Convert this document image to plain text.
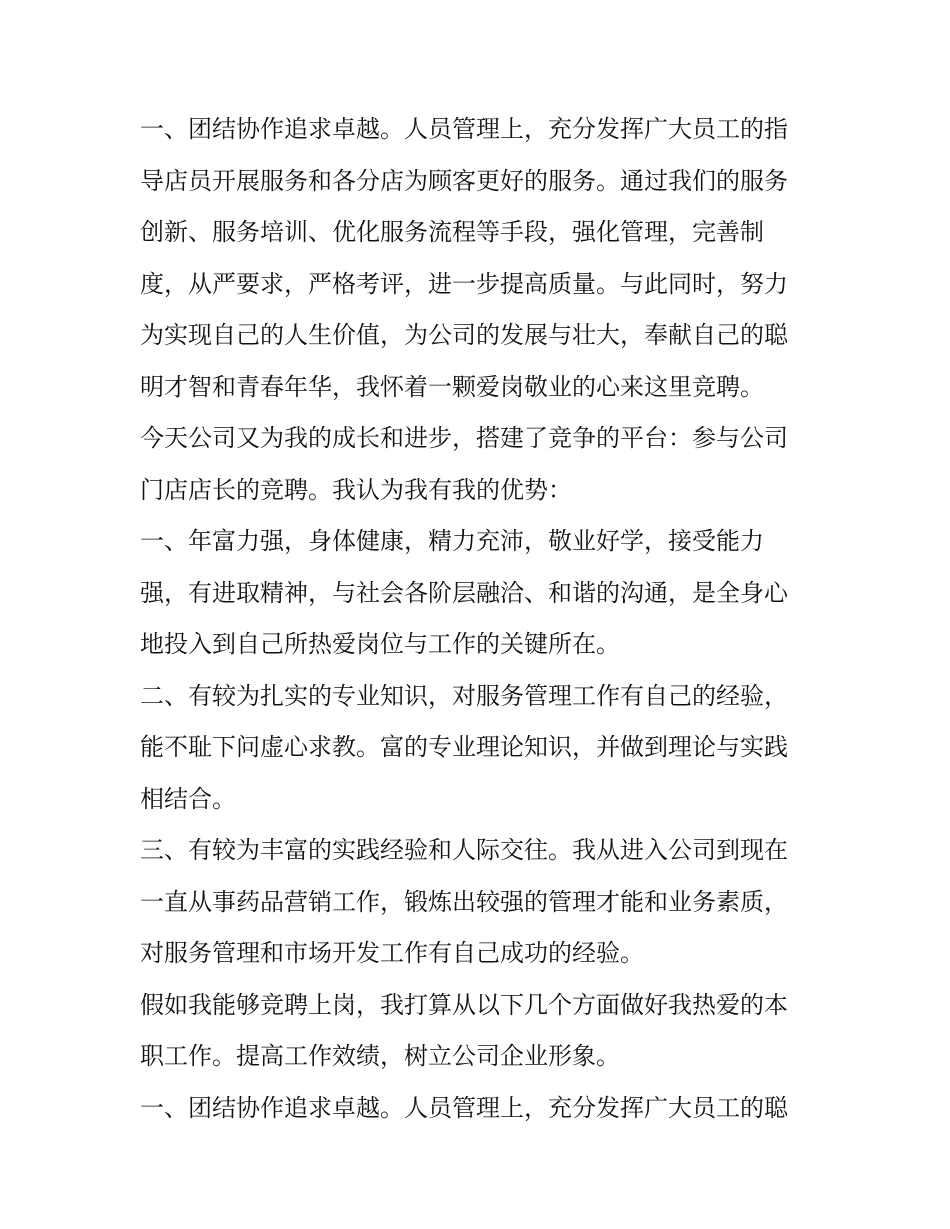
一、团结协作追求卓越。人员管理上，充分发挥广大员工的指
导店员开展服务和各分店为顾客更好的服务。通过我们的服务
创新、服务培训、优化服务流程等手段，强化管理，完善制
度，从严要求，严格考评，进一步提高质量。与此同时，努力
为实现自己的人生价值，为公司的发展与壮大，奉献自己的聪
明才智和青春年华，我怀着一颗爱岗敬业的心来这里竞聘。
今天公司又为我的成长和进步，搭建了竞争的平台：参与公司
门店店长的竞聘。我认为我有我的优势：
一、年富力强，身体健康，精力充沛，敬业好学，接受能力
强，有进取精神，与社会各阶层融洽、和谐的沟通，是全身心
地投入到自己所热爱岗位与工作的关键所在。
二、有较为扎实的专业知识，对服务管理工作有自己的经验，
能不耻下问虚心求教。富的专业理论知识，并做到理论与实践
相结合。
三、有较为丰富的实践经验和人际交往。我从进入公司到现在
一直从事药品营销工作，锻炼出较强的管理才能和业务素质，
对服务管理和市场开发工作有自己成功的经验。
假如我能够竞聘上岗，我打算从以下几个方面做好我热爱的本
职工作。提高工作效绩，树立公司企业形象。
一、团结协作追求卓越。人员管理上，充分发挥广大员工的聪
